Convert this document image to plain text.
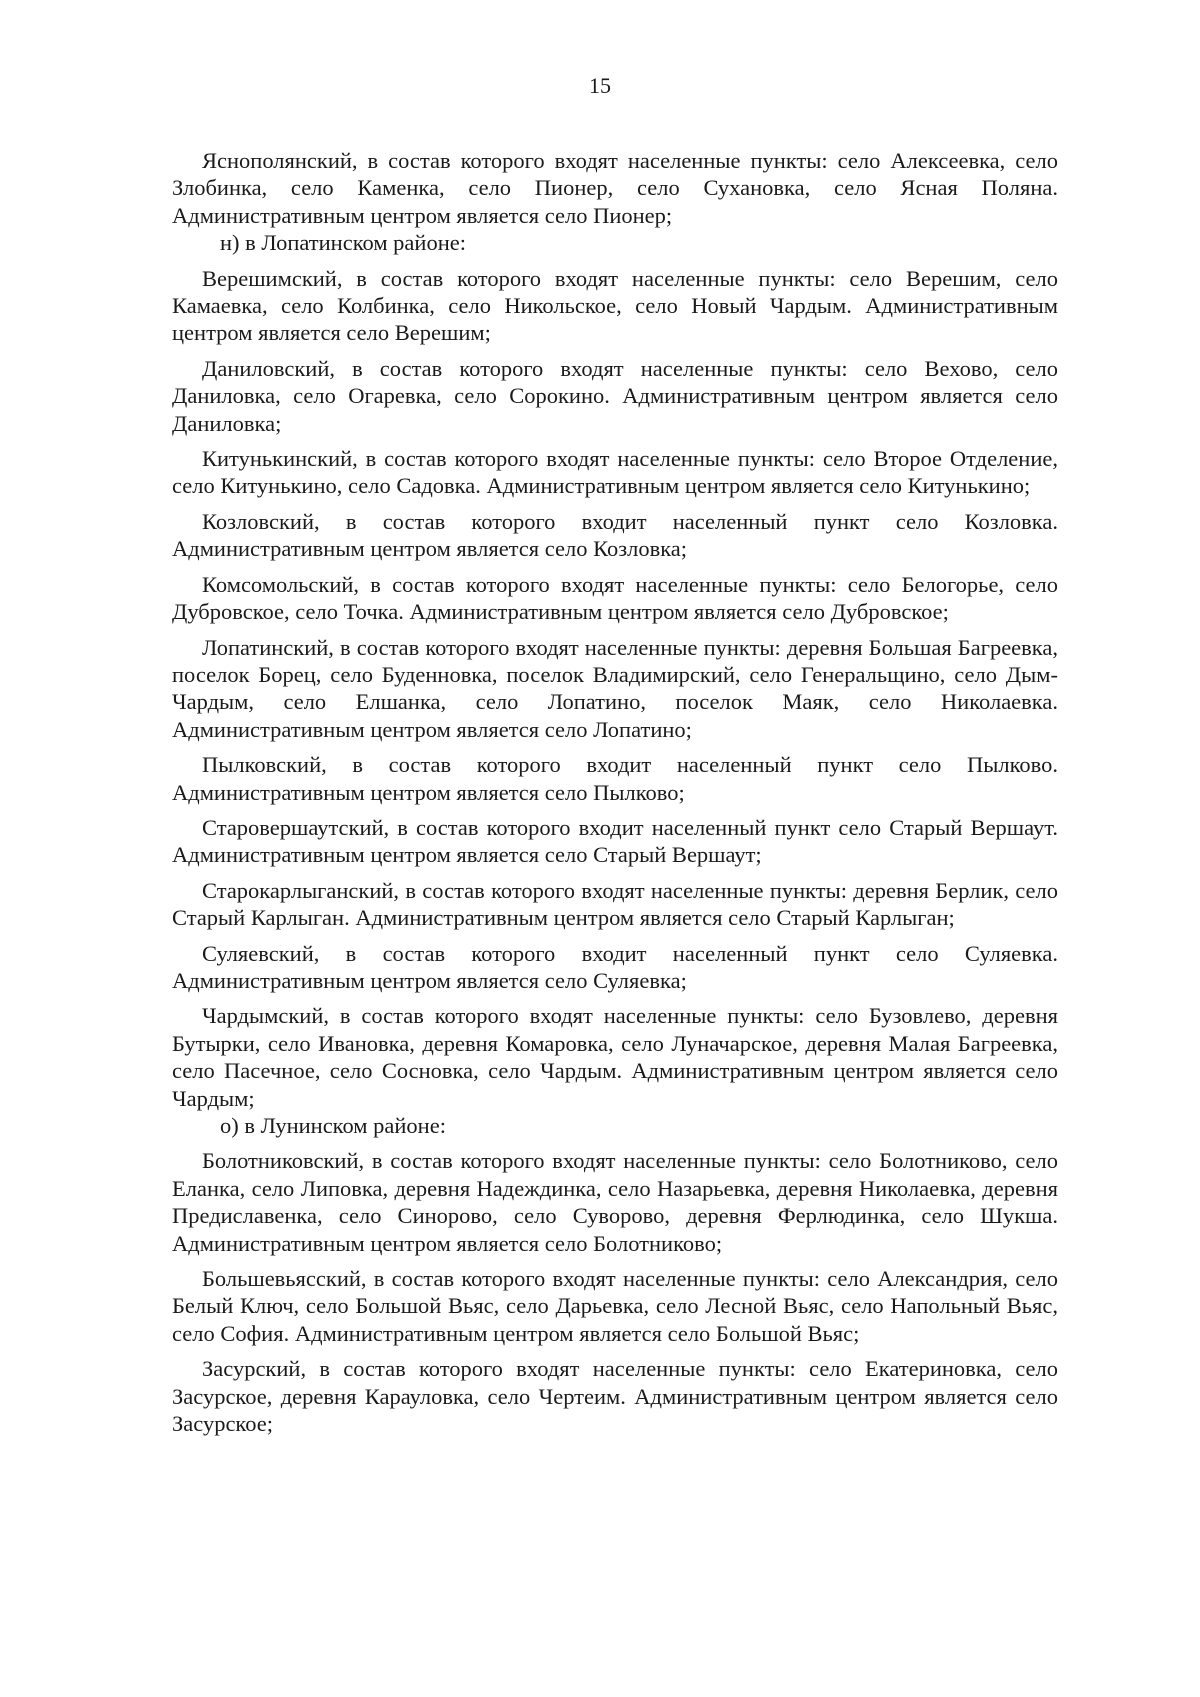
15

Яснополянский, в состав которого входят населенные пункты: село Алексеевка, село Злобинка, село Каменка, село Пионер, село Сухановка, село Ясная Поляна. Административным центром является село Пионер;

н) в Лопатинском районе:

Верешимский, в состав которого входят населенные пункты: село Верешим, село Камаевка, село Колбинка, село Никольское, село Новый Чардым. Административным центром является село Верешим;

Даниловский, в состав которого входят населенные пункты: село Вехово, село Даниловка, село Огаревка, село Сорокино. Административным центром является село Даниловка;

Китунькинский, в состав которого входят населенные пункты: село Второе Отделение, село Китунькино, село Садовка. Административным центром является село Китунькино;

Козловский, в состав которого входит населенный пункт село Козловка. Административным центром является село Козловка;

Комсомольский, в состав которого входят населенные пункты: село Белогорье, село Дубровское, село Точка. Административным центром является село Дубровское;

Лопатинский, в состав которого входят населенные пункты: деревня Большая Багреевка, поселок Борец, село Буденновка, поселок Владимирский, село Генеральщино, село Дым-Чардым, село Елшанка, село Лопатино, поселок Маяк, село Николаевка. Административным центром является село Лопатино;

Пылковский, в состав которого входит населенный пункт село Пылково. Административным центром является село Пылково;

Старовершаутский, в состав которого входит населенный пункт село Старый Вершаут. Административным центром является село Старый Вершаут;

Старокарлыганский, в состав которого входят населенные пункты: деревня Берлик, село Старый Карлыган. Административным центром является село Старый Карлыган;

Суляевский, в состав которого входит населенный пункт село Суляевка. Административным центром является село Суляевка;

Чардымский, в состав которого входят населенные пункты: село Бузовлево, деревня Бутырки, село Ивановка, деревня Комаровка, село Луначарское, деревня Малая Багреевка, село Пасечное, село Сосновка, село Чардым. Административным центром является село Чардым;

о) в Лунинском районе:

Болотниковский, в состав которого входят населенные пункты: село Болотниково, село Еланка, село Липовка, деревня Надеждинка, село Назарьевка, деревня Николаевка, деревня Предиславенка, село Синорово, село Суворово, деревня Ферлюдинка, село Шукша. Административным центром является село Болотниково;

Большевьясский, в состав которого входят населенные пункты: село Александрия, село Белый Ключ, село Большой Вьяс, село Дарьевка, село Лесной Вьяс, село Напольный Вьяс, село София. Административным центром является село Большой Вьяс;

Засурский, в состав которого входят населенные пункты: село Екатериновка, село Засурское, деревня Карауловка, село Чертеим. Административным центром является село Засурское;
